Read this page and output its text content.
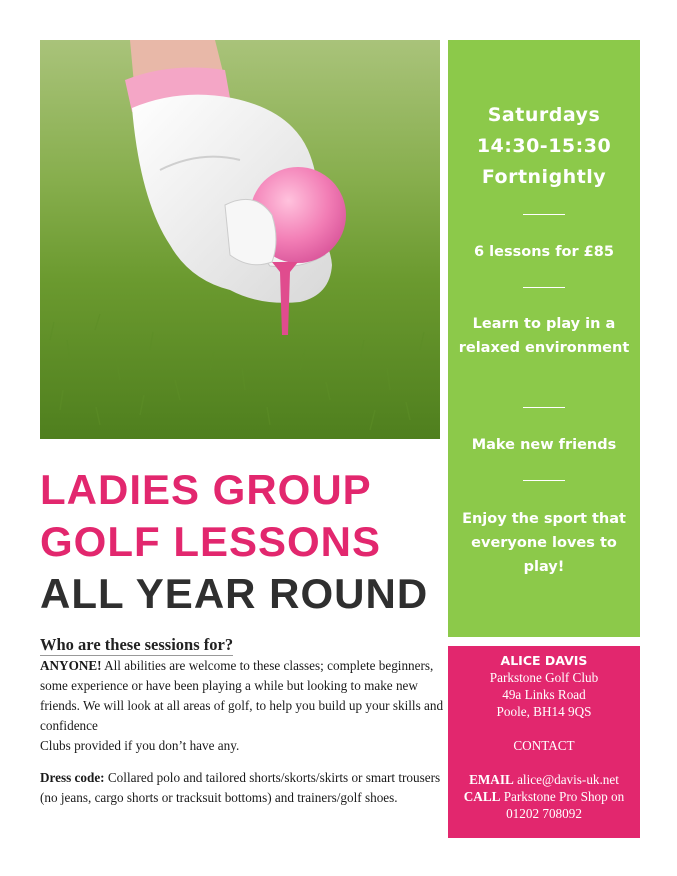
Saturdays
14:30-15:30
Fortnightly
6 lessons for £85
Learn to play in a relaxed environment
Make new friends
Enjoy the sport that everyone loves to play!
LADIES GROUP
GOLF LESSONS
ALL YEAR ROUND
Who are these sessions for?
ANYONE! All abilities are welcome to these classes; complete beginners, some experience or have been playing a while but looking to make new friends. We will look at all areas of golf, to help you build up your skills and confidence
Clubs provided if you don’t have any.
Dress code: Collared polo and tailored shorts/skorts/skirts or smart trousers (no jeans, cargo shorts or tracksuit bottoms) and trainers/golf shoes.
ALICE DAVIS
Parkstone Golf Club
49a Links Road
Poole, BH14 9QS
CONTACT
EMAIL alice@davis-uk.net
CALL Parkstone Pro Shop on 01202 708092
